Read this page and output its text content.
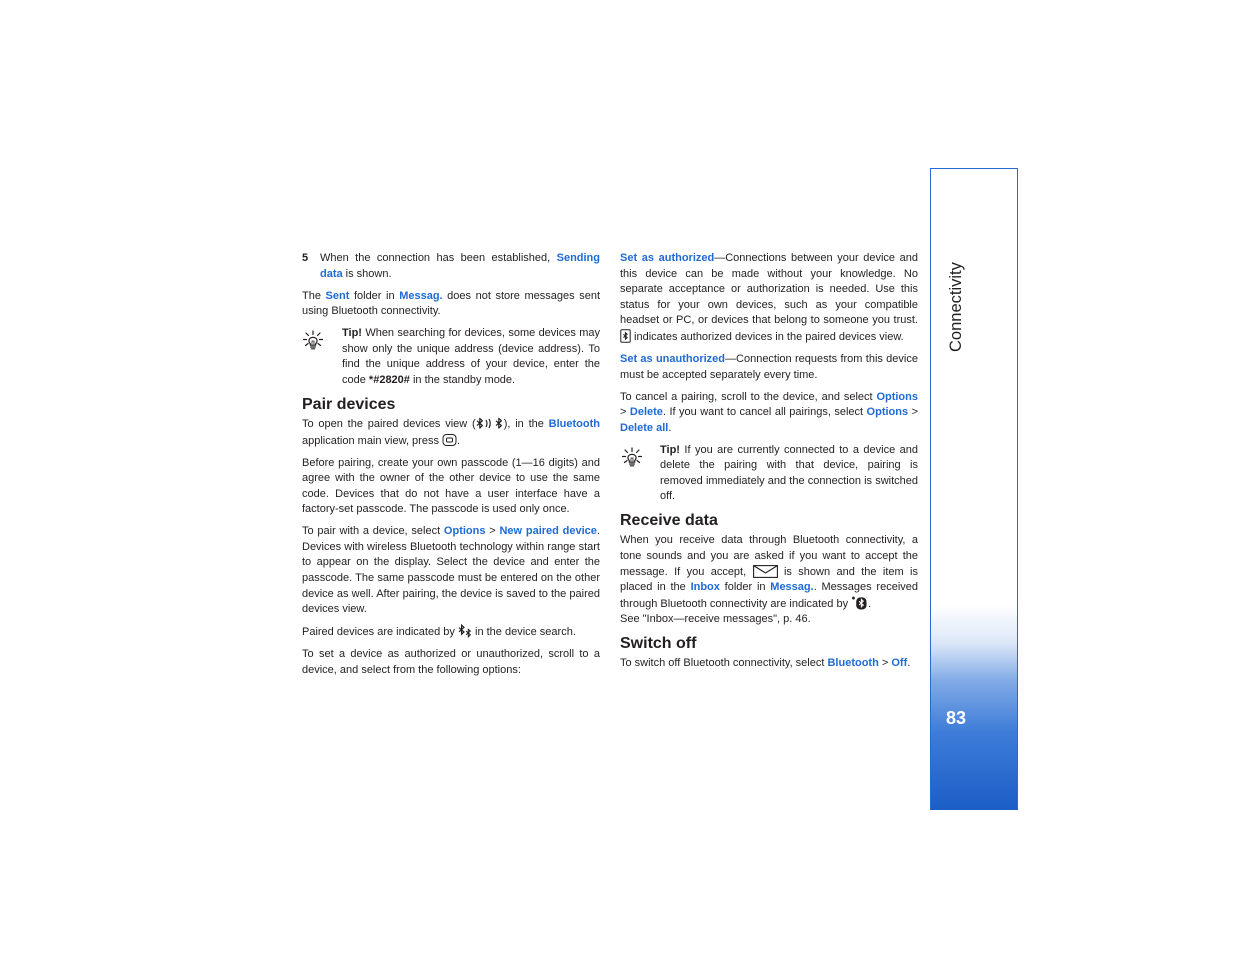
5 When the connection has been established, Sending data is shown.
The Sent folder in Messag. does not store messages sent using Bluetooth connectivity.
Tip! When searching for devices, some devices may show only the unique address (device address). To find the unique address of your device, enter the code *#2820# in the standby mode.
Pair devices
To open the paired devices view (	), in the Bluetooth application main view, press .
Before pairing, create your own passcode (1—16 digits) and agree with the owner of the other device to use the same code. Devices that do not have a user interface have a factory-set passcode. The passcode is used only once.
To pair with a device, select Options > New paired device. Devices with wireless Bluetooth technology within range start to appear on the display. Select the device and enter the passcode. The same passcode must be entered on the other device as well. After pairing, the device is saved to the paired devices view.
Paired devices are indicated by  in the device search.
To set a device as authorized or unauthorized, scroll to a device, and select from the following options:
Set as authorized—Connections between your device and this device can be made without your knowledge. No separate acceptance or authorization is needed. Use this status for your own devices, such as your compatible headset or PC, or devices that belong to someone you trust.  indicates authorized devices in the paired devices view.
Set as unauthorized—Connection requests from this device must be accepted separately every time.
To cancel a pairing, scroll to the device, and select Options > Delete. If you want to cancel all pairings, select Options > Delete all.
Tip! If you are currently connected to a device and delete the pairing with that device, pairing is removed immediately and the connection is switched off.
Receive data
When you receive data through Bluetooth connectivity, a tone sounds and you are asked if you want to accept the message. If you accept,  is shown and the item is placed in the Inbox folder in Messag.. Messages received through Bluetooth connectivity are indicated by .
See "Inbox—receive messages", p. 46.
Switch off
To switch off Bluetooth connectivity, select Bluetooth > Off.
Connectivity
83
